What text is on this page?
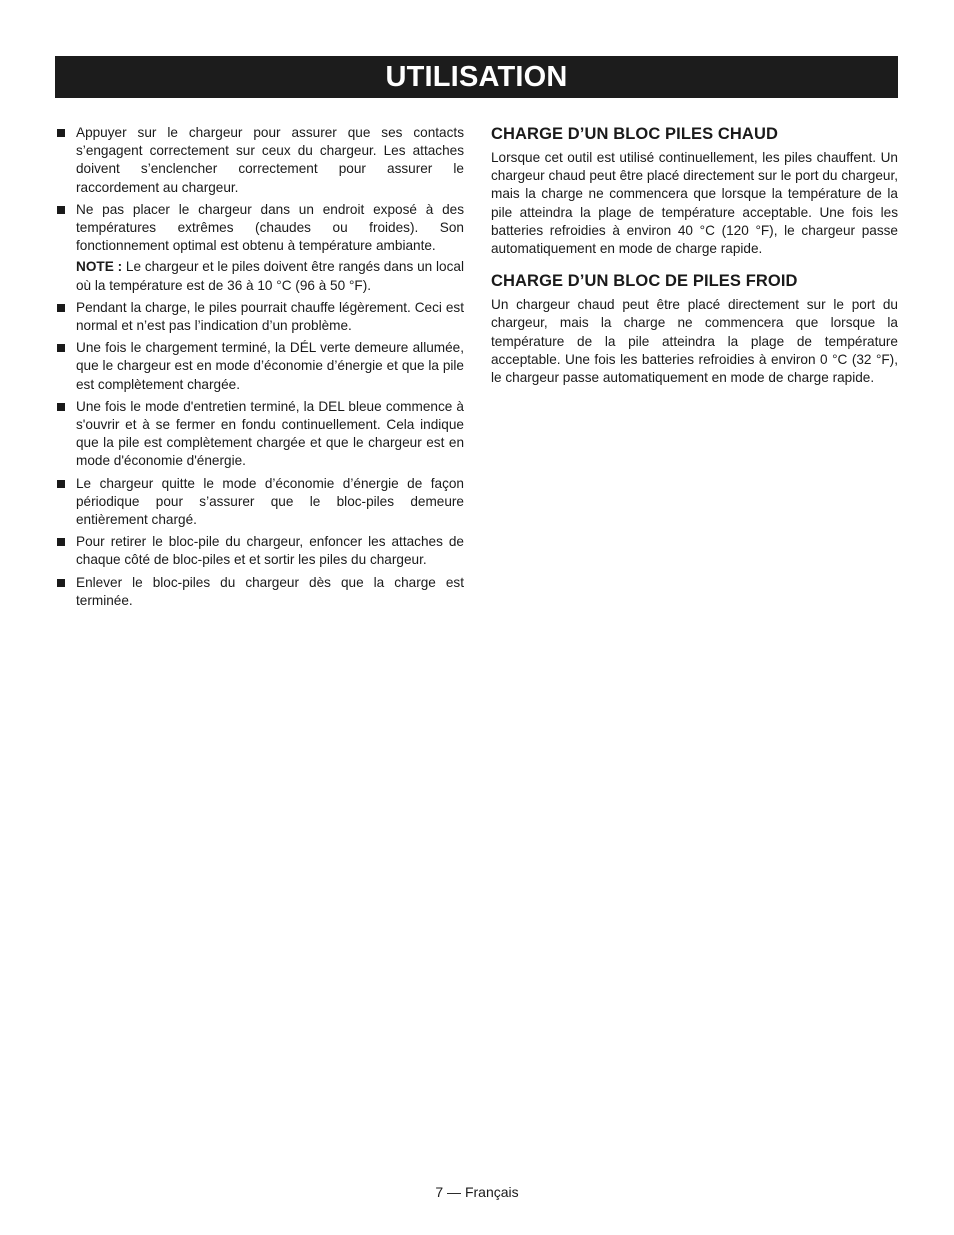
UTILISATION
Appuyer sur le chargeur pour assurer que ses contacts s’engagent correctement sur ceux du chargeur. Les attaches doivent s’enclencher correctement pour assurer le raccordement au chargeur.
Ne pas placer le chargeur dans un endroit exposé à des températures extrêmes (chaudes ou froides). Son fonctionnement optimal est obtenu à température ambiante.
NOTE : Le chargeur et le piles doivent être rangés dans un local où la température est de 36 à 10 °C (96 à 50 °F).
Pendant la charge, le piles pourrait chauffe légèrement. Ceci est normal et n’est pas l’indication d’un problème.
Une fois le chargement terminé, la DÉL verte demeure allumée, que le chargeur est en mode d’économie d’énergie et que la pile est complètement chargée.
Une fois le mode d'entretien terminé, la DEL bleue commence à s'ouvrir et à se fermer en fondu continuellement. Cela indique que la pile est complètement chargée et que le chargeur est en mode d'économie d'énergie.
Le chargeur quitte le mode d’économie d’énergie de façon périodique pour s’assurer que le bloc-piles demeure entièrement chargé.
Pour retirer le bloc-pile du chargeur, enfoncer les attaches de chaque côté de bloc-piles et et sortir les piles du chargeur.
Enlever le bloc-piles du chargeur dès que la charge est terminée.
CHARGE D’UN BLOC PILES CHAUD

Lorsque cet outil est utilisé continuellement, les piles chauffent. Un chargeur chaud peut être placé directement sur le port du chargeur, mais la charge ne commencera que lorsque la température de la pile atteindra la plage de température acceptable. Une fois les batteries refroidies à environ 40 °C (120 °F), le chargeur passe automatiquement en mode de charge rapide.

CHARGE D’UN BLOC DE PILES FROID

Un chargeur chaud peut être placé directement sur le port du chargeur, mais la charge ne commencera que lorsque la température de la pile atteindra la plage de température acceptable. Une fois les batteries refroidies à environ 0 °C (32 °F), le chargeur passe automatiquement en mode de charge rapide.

7 — Français
